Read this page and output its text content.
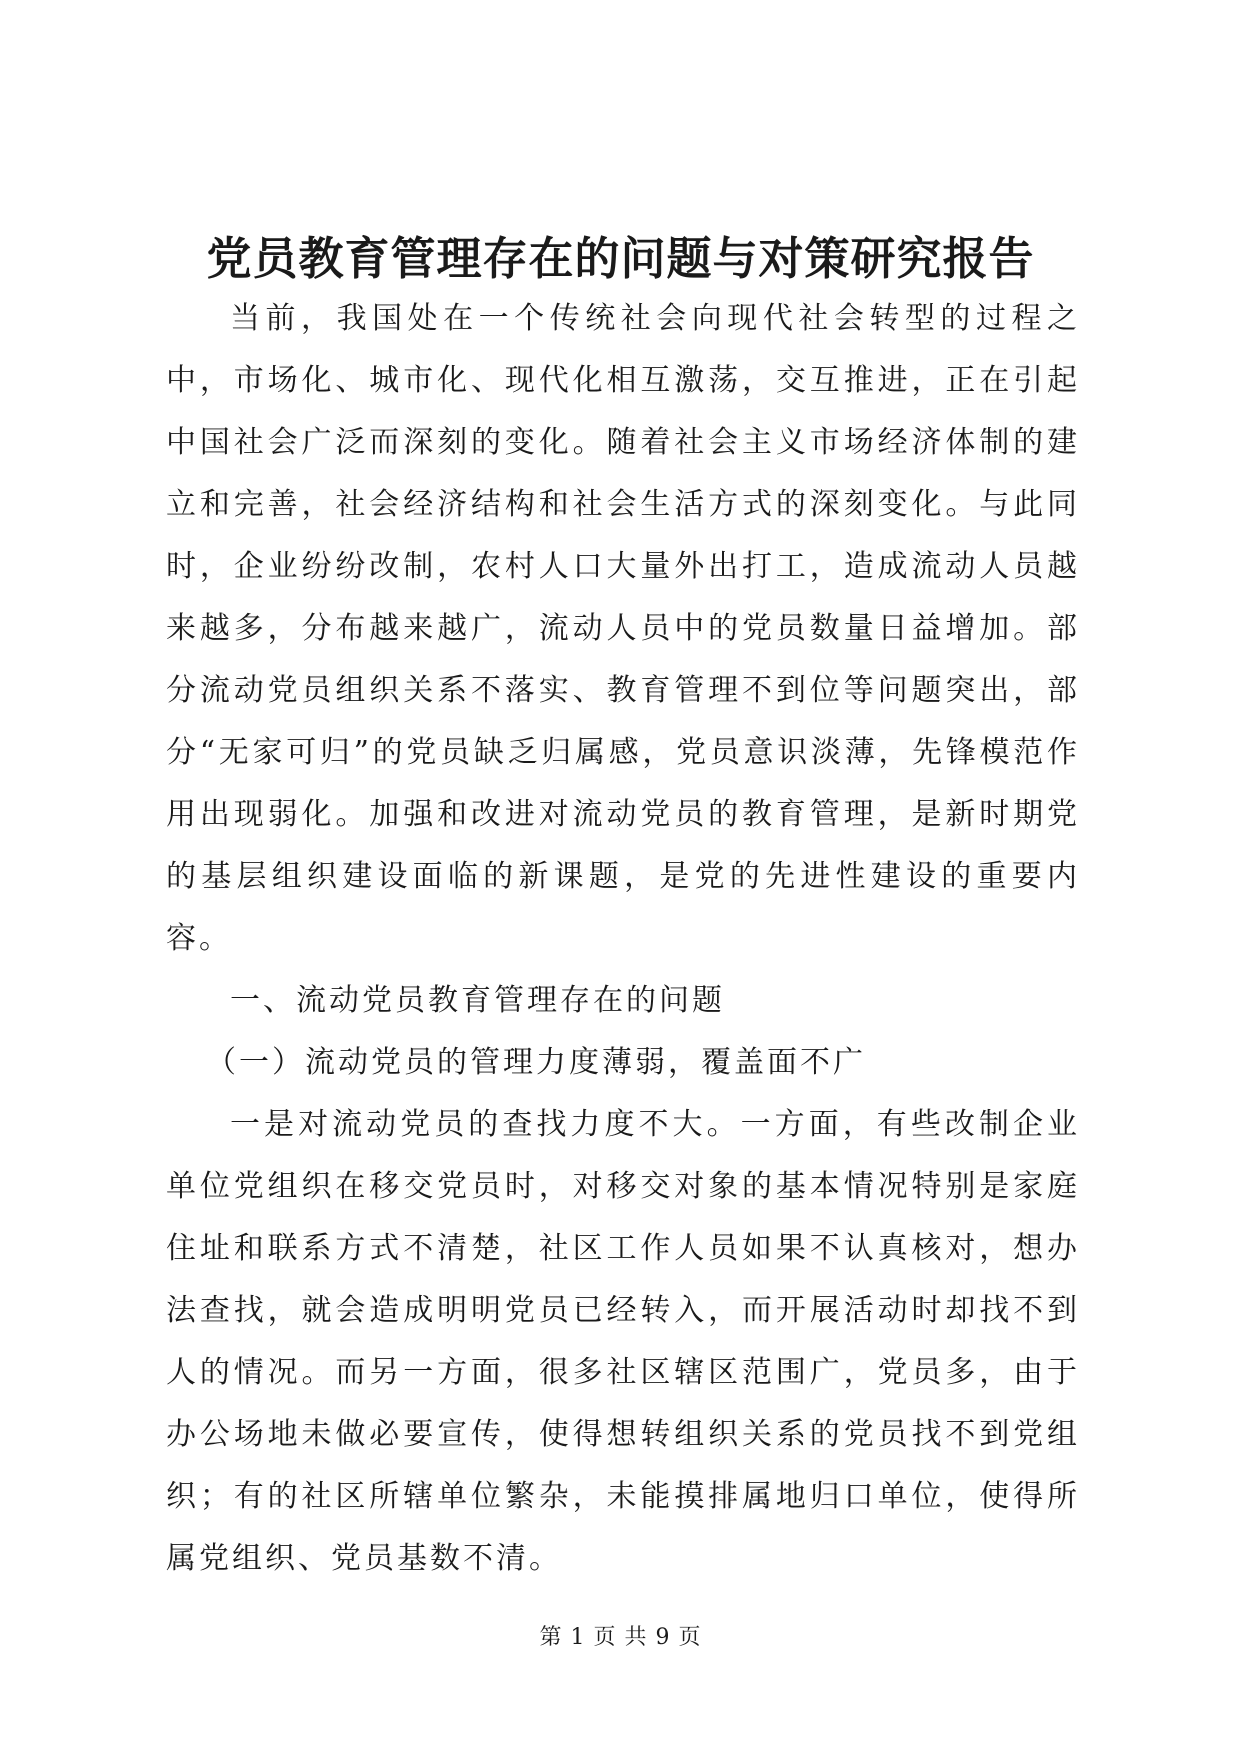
党员教育管理存在的问题与对策研究报告

当前，我国处在一个传统社会向现代社会转型的过程之中，市场化、城市化、现代化相互激荡，交互推进，正在引起中国社会广泛而深刻的变化。随着社会主义市场经济体制的建立和完善，社会经济结构和社会生活方式的深刻变化。与此同时，企业纷纷改制，农村人口大量外出打工，造成流动人员越来越多，分布越来越广，流动人员中的党员数量日益增加。部分流动党员组织关系不落实、教育管理不到位等问题突出，部分“无家可归”的党员缺乏归属感，党员意识淡薄，先锋模范作用出现弱化。加强和改进对流动党员的教育管理，是新时期党的基层组织建设面临的新课题，是党的先进性建设的重要内容。

一、流动党员教育管理存在的问题

（一）流动党员的管理力度薄弱，覆盖面不广

一是对流动党员的查找力度不大。一方面，有些改制企业单位党组织在移交党员时，对移交对象的基本情况特别是家庭住址和联系方式不清楚，社区工作人员如果不认真核对，想办法查找，就会造成明明党员已经转入，而开展活动时却找不到人的情况。而另一方面，很多社区辖区范围广，党员多，由于办公场地未做必要宣传，使得想转组织关系的党员找不到党组织；有的社区所辖单位繁杂，未能摸排属地归口单位，使得所属党组织、党员基数不清。

第 1 页 共 9 页
